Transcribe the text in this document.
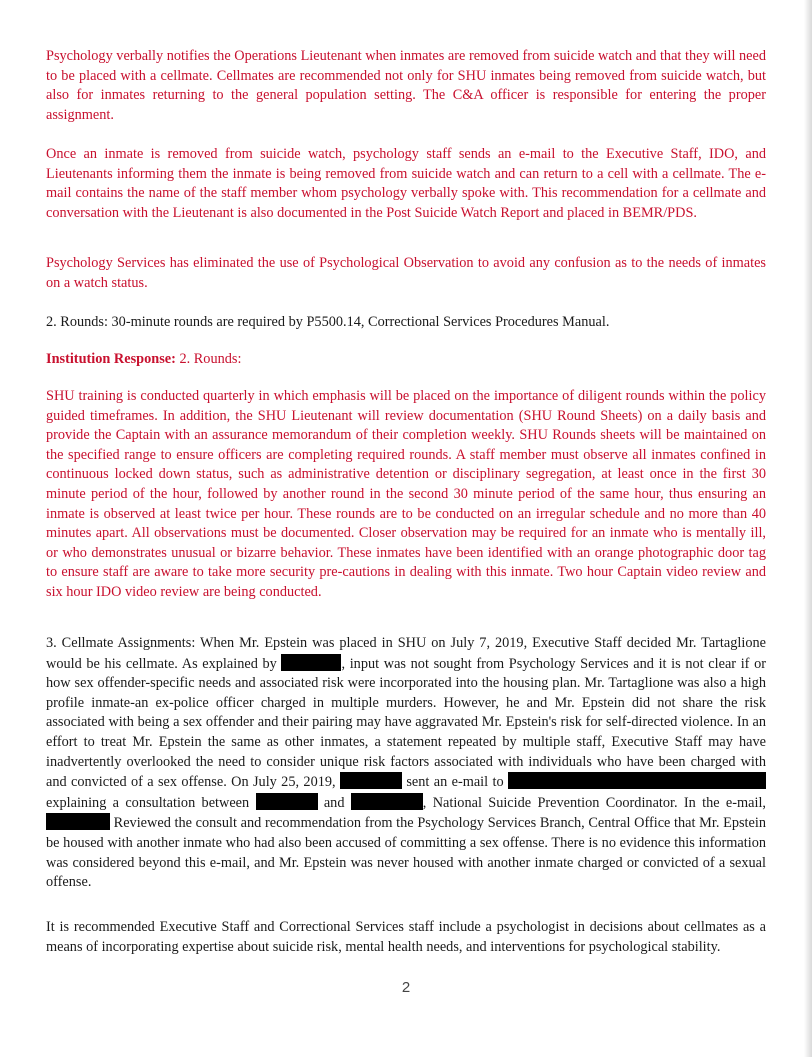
Psychology verbally notifies the Operations Lieutenant when inmates are removed from suicide watch and that they will need to be placed with a cellmate. Cellmates are recommended not only for SHU inmates being removed from suicide watch, but also for inmates returning to the general population setting. The C&A officer is responsible for entering the proper assignment.
Once an inmate is removed from suicide watch, psychology staff sends an e-mail to the Executive Staff, IDO, and Lieutenants informing them the inmate is being removed from suicide watch and can return to a cell with a cellmate. The e-mail contains the name of the staff member whom psychology verbally spoke with. This recommendation for a cellmate and conversation with the Lieutenant is also documented in the Post Suicide Watch Report and placed in BEMR/PDS.
Psychology Services has eliminated the use of Psychological Observation to avoid any confusion as to the needs of inmates on a watch status.
2. Rounds: 30-minute rounds are required by P5500.14, Correctional Services Procedures Manual.
Institution Response: 2. Rounds:
SHU training is conducted quarterly in which emphasis will be placed on the importance of diligent rounds within the policy guided timeframes. In addition, the SHU Lieutenant will review documentation (SHU Round Sheets) on a daily basis and provide the Captain with an assurance memorandum of their completion weekly. SHU Rounds sheets will be maintained on the specified range to ensure officers are completing required rounds. A staff member must observe all inmates confined in continuous locked down status, such as administrative detention or disciplinary segregation, at least once in the first 30 minute period of the hour, followed by another round in the second 30 minute period of the same hour, thus ensuring an inmate is observed at least twice per hour. These rounds are to be conducted on an irregular schedule and no more than 40 minutes apart. All observations must be documented. Closer observation may be required for an inmate who is mentally ill, or who demonstrates unusual or bizarre behavior. These inmates have been identified with an orange photographic door tag to ensure staff are aware to take more security pre-cautions in dealing with this inmate. Two hour Captain video review and six hour IDO video review are being conducted.
3. Cellmate Assignments: When Mr. Epstein was placed in SHU on July 7, 2019, Executive Staff decided Mr. Tartaglione would be his cellmate. As explained by	, input was not sought from Psychology Services and it is not clear if or how sex offender-specific needs and associated risk were incorporated into the housing plan. Mr. Tartaglione was also a high profile inmate-an ex-police officer charged in multiple murders. However, he and Mr. Epstein did not share the risk associated with being a sex offender and their pairing may have aggravated Mr. Epstein's risk for self-directed violence. In an effort to treat Mr. Epstein the same as other inmates, a statement repeated by multiple staff, Executive Staff may have inadvertently overlooked the need to consider unique risk factors associated with individuals who have been charged with and convicted of a sex offense. On July 25, 2019,	sent an e-mail to  explaining a consultation between	and	, National Suicide Prevention Coordinator. In the e-mail,  Reviewed the consult and recommendation from the Psychology Services Branch, Central Office that Mr. Epstein be housed with another inmate who had also been accused of committing a sex offense. There is no evidence this information was considered beyond this e-mail, and Mr. Epstein was never housed with another inmate charged or convicted of a sexual offense.
It is recommended Executive Staff and Correctional Services staff include a psychologist in decisions about cellmates as a means of incorporating expertise about suicide risk, mental health needs, and interventions for psychological stability.
2
